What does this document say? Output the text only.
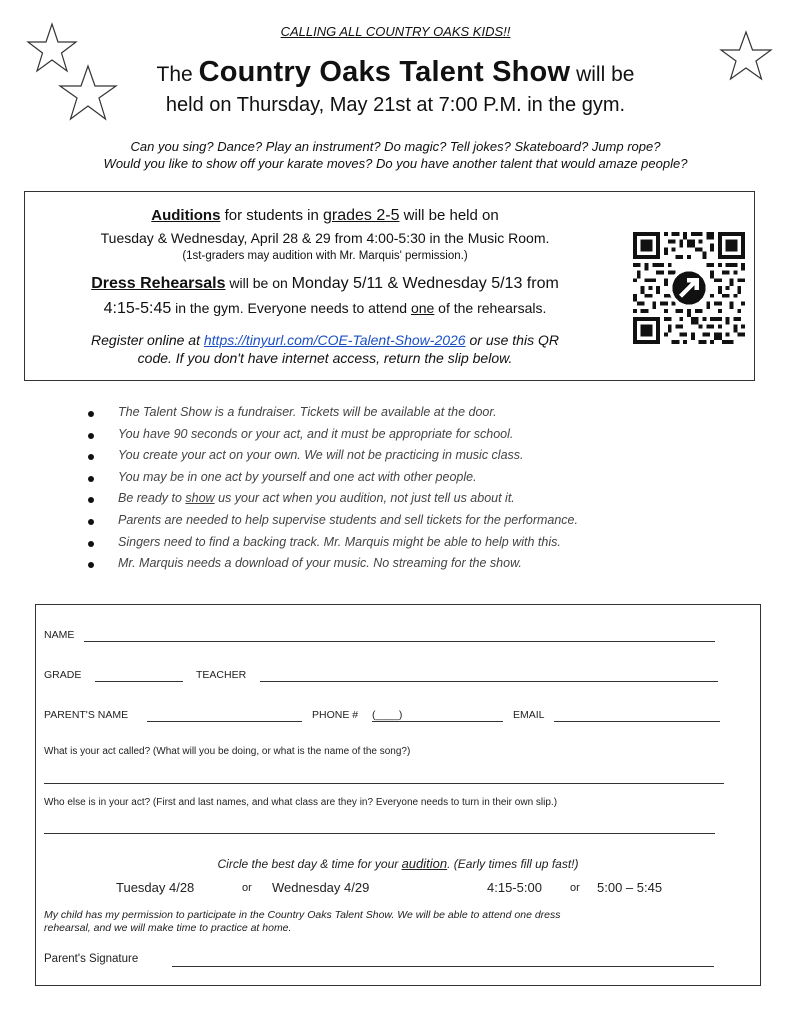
CALLING ALL COUNTRY OAKS KIDS!!
The Country Oaks Talent Show will be
held on Thursday, May 21st at 7:00 P.M. in the gym.
Can you sing? Dance? Play an instrument? Do magic? Tell jokes? Skateboard? Jump rope?
Would you like to show off your karate moves? Do you have another talent that would amaze people?
Auditions for students in grades 2-5 will be held on
Tuesday & Wednesday, April 28 & 29 from 4:00-5:30 in the Music Room.
(1st-graders may audition with Mr. Marquis' permission.)
Dress Rehearsals will be on Monday 5/11 & Wednesday 5/13 from
4:15-5:45 in the gym. Everyone needs to attend one of the rehearsals.
Register online at https://tinyurl.com/COE-Talent-Show-2026 or use this QR
code. If you don't have internet access, return the slip below.
The Talent Show is a fundraiser. Tickets will be available at the door.
You have 90 seconds or your act, and it must be appropriate for school.
You create your act on your own. We will not be practicing in music class.
You may be in one act by yourself and one act with other people.
Be ready to show us your act when you audition, not just tell us about it.
Parents are needed to help supervise students and sell tickets for the performance.
Singers need to find a backing track. Mr. Marquis might be able to help with this.
Mr. Marquis needs a download of your music. No streaming for the show.
NAME
GRADE	TEACHER
PARENT'S NAME	PHONE # (____)	EMAIL
What is your act called? (What will you be doing, or what is the name of the song?)
Who else is in your act? (First and last names, and what class are they in? Everyone needs to turn in their own slip.)
Circle the best day & time for your audition. (Early times fill up fast!)
Tuesday 4/28	or Wednesday 4/29	4:15-5:00	or 5:00 – 5:45
My child has my permission to participate in the Country Oaks Talent Show. We will be able to attend one dress
rehearsal, and we will make time to practice at home.
Parent's Signature
